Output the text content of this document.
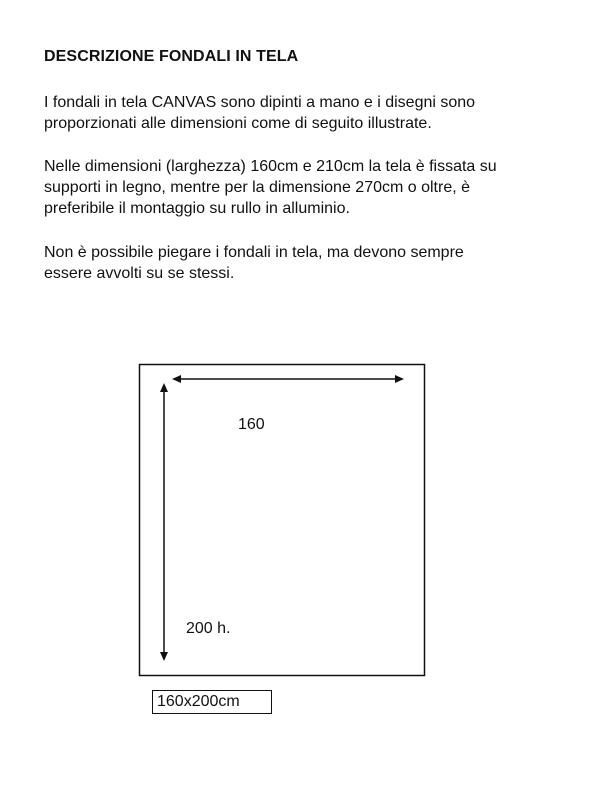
DESCRIZIONE FONDALI IN TELA

I fondali in tela CANVAS sono dipinti a mano e i disegni sono
proporzionati alle dimensioni come di seguito illustrate.

Nelle dimensioni (larghezza) 160cm e 210cm la tela è fissata su
supporti in legno, mentre per la dimensione 270cm o oltre, è
preferibile il montaggio su rullo in alluminio.

Non è possibile piegare i fondali in tela, ma devono sempre
essere avvolti su se stessi.

160
200 h.
160x200cm
